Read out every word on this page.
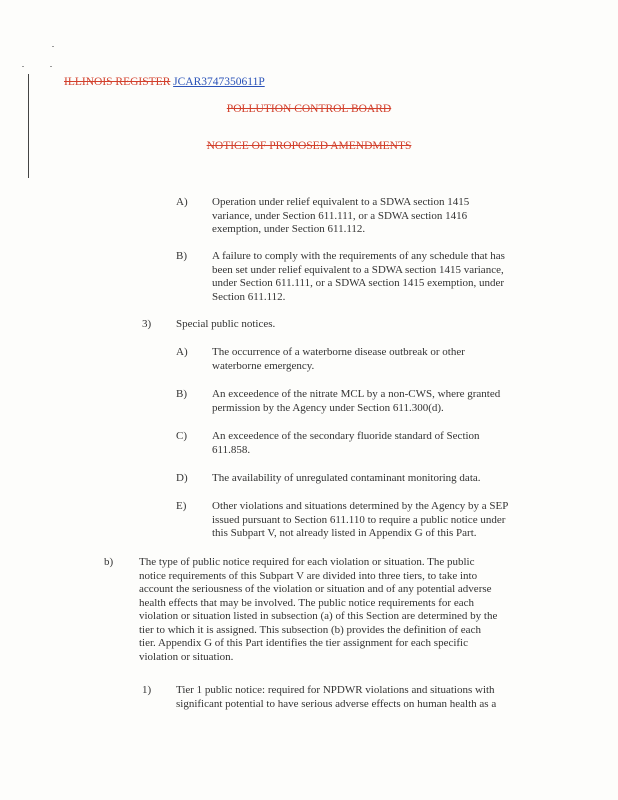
ILLINOIS REGISTER JCAR3747350611P
POLLUTION CONTROL BOARD
NOTICE OF PROPOSED AMENDMENTS
A)	Operation under relief equivalent to a SDWA section 1415
variance, under Section 611.111, or a SDWA section 1416
exemption, under Section 611.112.
B)	A failure to comply with the requirements of any schedule that has
been set under relief equivalent to a SDWA section 1415 variance,
under Section 611.111, or a SDWA section 1415 exemption, under
Section 611.112.
3)	Special public notices.
A)	The occurrence of a waterborne disease outbreak or other
waterborne emergency.
B)	An exceedence of the nitrate MCL by a non-CWS, where granted
permission by the Agency under Section 611.300(d).
C)	An exceedence of the secondary fluoride standard of Section
611.858.
D)	The availability of unregulated contaminant monitoring data.
E)	Other violations and situations determined by the Agency by a SEP
issued pursuant to Section 611.110 to require a public notice under
this Subpart V, not already listed in Appendix G of this Part.
b)	The type of public notice required for each violation or situation. The public
notice requirements of this Subpart V are divided into three tiers, to take into
account the seriousness of the violation or situation and of any potential adverse
health effects that may be involved. The public notice requirements for each
violation or situation listed in subsection (a) of this Section are determined by the
tier to which it is assigned. This subsection (b) provides the definition of each
tier. Appendix G of this Part identifies the tier assignment for each specific
violation or situation.
1)	Tier 1 public notice: required for NPDWR violations and situations with
significant potential to have serious adverse effects on human health as a
